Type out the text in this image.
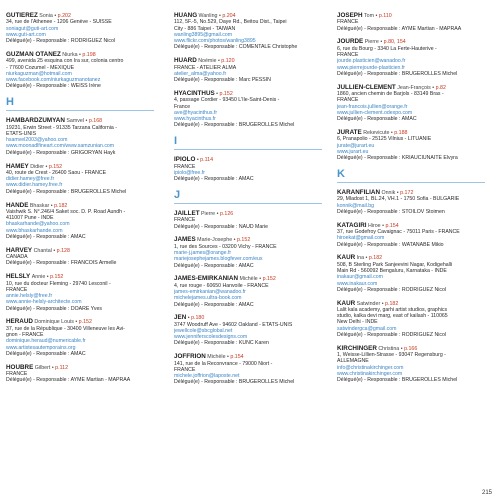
GUTIEREZ Sonia • p.202
34, rue de l'Athenee - 1206 Genève - SUISSE
soniagut@guti-art.com
www.guti-art.com
Délégué(e) - Responsable : RODRIGUEZ Nicol
GUZMAN OTANEZ Niurka • p.198
499, avenida 25 esquina con Ira sur, colonia centro
- 77600 Cozumel - MEXIQUE
niurkaguzman@hotmail.com
www.facebook.com/niurkaguzmanotanez
Délégué(e) - Responsable : WEISS Irène
H
HAMBARDZUMYAN Samvel • p.168
19231, Erwin Street - 91335 Tarzana California -
ÉTATS-UNIS
hsamvel2003@yahoo.com
www.moonadlfineart.com/www.samzunian.com
Délégué(e) - Responsable : GRIGORYAN Hayk
HAMEY Didier • p.152
40, route de Crest - 26400 Saou - FRANCE
didier.hamey@free.fr
www.didier.hamey.free.fr
Délégué(e) - Responsable : BRUGEROLLES Michel
HANDE Bhaskar • p.182
Vaishwik S. N°.246/4 Saket soc. D. P. Road Aundh -
411007 Pune - INDE
bhaskarhande@yahoo.com
www.bhaskarhande.com
Délégué(e) - Responsable : AMAC
HARVEY Chantal • p.128
CANADA
Délégué(e) - Responsable : FRANCOIS Armelle
HELSLY Annie • p.152
10, rue du docteur Fleming - 29740 Lesconil -
FRANCE
annie.helsly@free.fr
www.annie-helsly-architecte.com
Délégué(e) - Responsable : DOARE Yves
HERAUD Dominique Louis • p.152
37, rue de la République - 30400 Villeneuve les Avi-
gnon - FRANCE
dominique.heraud@numericable.fr
www.artistesautemporains.org
Délégué(e) - Responsable : AMAC
HOUBRE Gilbert • p.112
FRANCE
Délégué(e) - Responsable : AYME Martian - MAPRAA
HUANG Wanling • p.204
112, 5F.-5, No.529, Daye Rd., Beitou Dist., Taipei
City - 886 Taipei - TAIWAN
wanling3895@gmail.com
www.flickr.com/photos/wanling3895
Délégué(e) - Responsable : COMENTALE Christophe
HUARD Noémie • p.120
FRANCE - ATELIER ALMA
atelier_alma@yahoo.fr
Délégué(e) - Responsable : Marc PESSIN
HYACINTHUS • p.152
4, passage Cordier - 93450 L'Île-Saint-Denis -
France
ave@hyacinthus.fr
www.hyacinthus.fr
Délégué(e) - Responsable : BRUGEROLLES Michel
I
IPIOLO • p.114
FRANCE
ipiolo@free.fr
Délégué(e) - Responsable : AMAC
J
JAILLET Pierre • p.126
FRANCE
Délégué(e) - Responsable : NAUD Marie
JAMES Marie-Josephe • p.152
1, rue des Sources - 03200 Vichy - FRANCE
marie-j.james@orange.fr
mariejosephejames.blogfever.com/eux
Délégué(e) - Responsable : AMAC
JAMES-EMIRKANIAN Michèle • p.152
4, rue rouge - 60650 Hanvoile - FRANCE
james-emirkanian@wanadoo.fr
michelejames.ultra-book.com
Délégué(e) - Responsable : AMAC
JEN • p.180
3747 Woodruff Ave - 94602 Oakland - ÉTATS-UNIS
jewellcole@sbcglobal.net
www.jenniferscolesdesigns.com
Délégué(e) - Responsable : KUNC Karen
JOFFRION Michèle • p.154
141, rue de la Reconvrance - 79000 Niort -
FRANCE
michele.joffrion@laposte.net
Délégué(e) - Responsable : BRUGEROLLES Michel
JOSEPH Tom • p.110
FRANCE
Délégué(e) - Responsable : AYME Martian - MAPRAA
JOURDE Pierre • p.80, 154
6, rue du Bourg - 3340 La Ferte-Hauterive -
FRANCE
jourde.plasticien@wanadoo.fr
www.pierrejourde-plasticien.fr
Délégué(e) - Responsable : BRUGEROLLES Michel
JULLIEN-CLEMENT Jean-François • p.82
1860, ancien chemin de Barjols - 83149 Bras -
FRANCE
jean-francois.jullien@orange.fr
www.jullien-clement.odexpo.com
Délégué(e) - Responsable : AMAC
JURATE Rekevicute • p.188
6, Pranapolio - 25125 Vilnius - LITUANIE
jurate@jurart.eu
www.jurart.eu
Délégué(e) - Responsable : KRIAUCIUNAITE Elvyra
K
KARANFILIAN Onnik • p.172
29, Mladost 1, BL.24, VH.1 - 1750 Sofia - BULGARIE
konnik@mail.bg
Délégué(e) - Responsable : STOILOV Stoimen
KATAGIRI Hiroe • p.154
37, rue Godefroy Cavaignac - 75011 Paris - FRANCE
hiroekat@gmail.com
Délégué(e) - Responsable : WATANABÉ Mikio
KAUR Ina • p.182
508, B Sterling Park Sanjeevini Nagar, Kodigehalli
Main Rd - 560092 Bengaluru, Karnataka - INDE
inakaur@gmail.com
www.inakaur.com
Délégué(e) - Responsable : RODRIGUEZ Nicol
KAUR Satwinder • p.182
Lalit kala academy, garhi artist studios, graphics
studio, kalka devi marg, east of kailash - 110065
New Delhi - INDE
satwindergca@gmail.com
Délégué(e) - Responsable : RODRIGUEZ Nicol
KIRCHINGER Christina • p.166
1, Weisse-Lillien-Strasse - 93047 Regensburg -
ALLEMAGNE
info@christinakirchinger.com
www.christinakirchinger.com
Délégué(e) - Responsable : BRUGEROLLES Michel
215
